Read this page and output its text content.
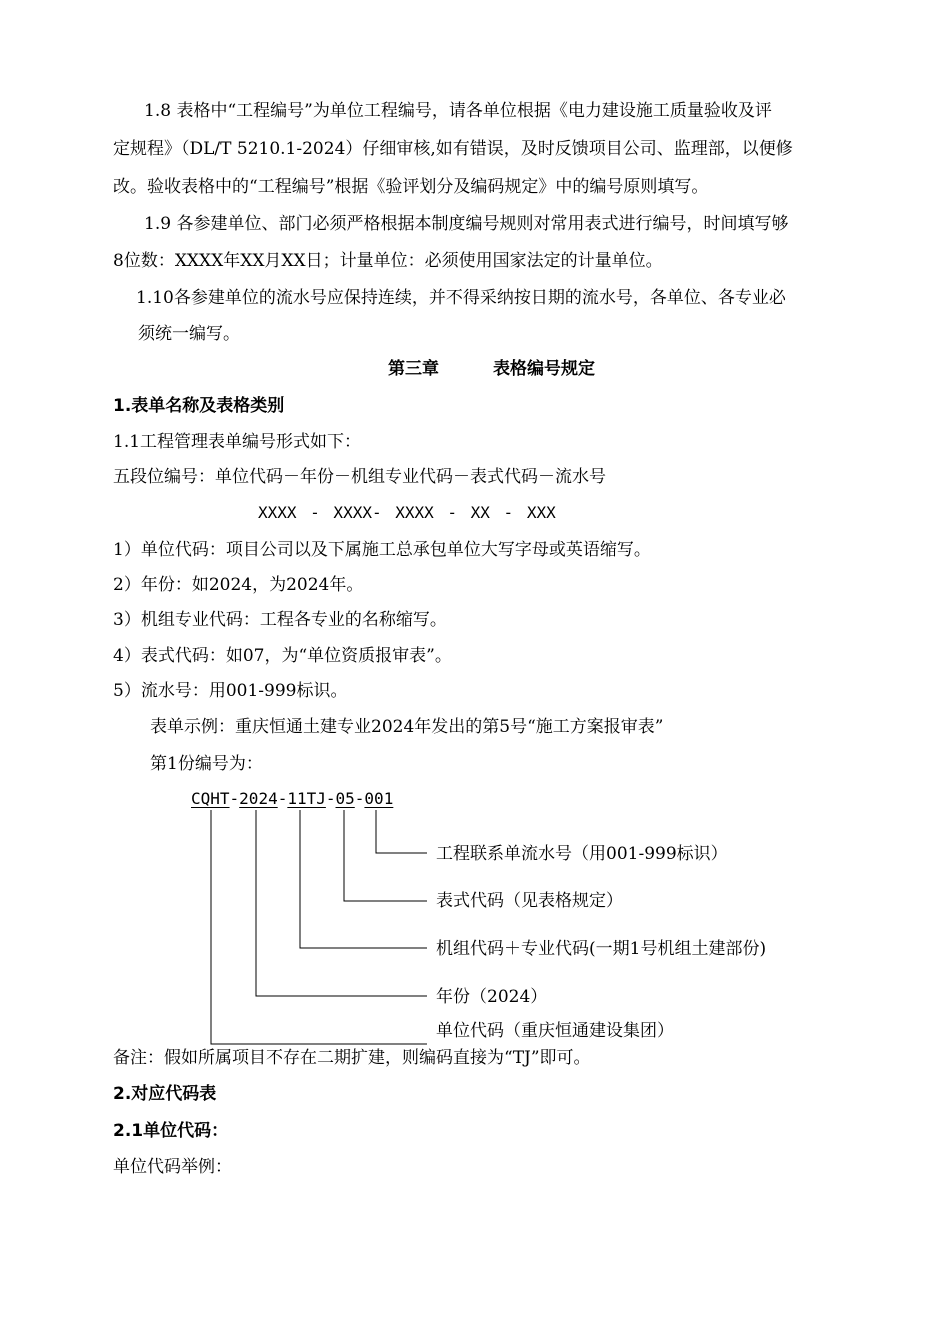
1.8 表格中“工程编号”为单位工程编号，请各单位根据《电力建设施工质量验收及评
定规程》（DL/T 5210.1-2024）仔细审核,如有错误，及时反馈项目公司、监理部，以便修
改。验收表格中的“工程编号”根据《验评划分及编码规定》中的编号原则填写。
1.9 各参建单位、部门必须严格根据本制度编号规则对常用表式进行编号，时间填写够
8位数：XXXX年XX月XX日；计量单位：必须使用国家法定的计量单位。
1.10各参建单位的流水号应保持连续，并不得采纳按日期的流水号，各单位、各专业必
须统一编写。
第三章	表格编号规定
1.表单名称及表格类别
1.1工程管理表单编号形式如下：
五段位编号：单位代码－年份－机组专业代码－表式代码－流水号
XXXX - XXXX- XXXX - XX - XXX
1）单位代码：项目公司以及下属施工总承包单位大写字母或英语缩写。
2）年份：如2024，为2024年。
3）机组专业代码：工程各专业的名称缩写。
4）表式代码：如07，为“单位资质报审表”。
5）流水号：用001-999标识。
表单示例：重庆恒通土建专业2024年发出的第5号“施工方案报审表”
第1份编号为：
CQHT-2024-11TJ-05-001
工程联系单流水号（用001-999标识）
表式代码（见表格规定）
机组代码＋专业代码(一期1号机组土建部份)
年份（2024）
单位代码（重庆恒通建设集团）
备注：假如所属项目不存在二期扩建，则编码直接为“TJ”即可。
2.对应代码表
2.1单位代码：
单位代码举例：
